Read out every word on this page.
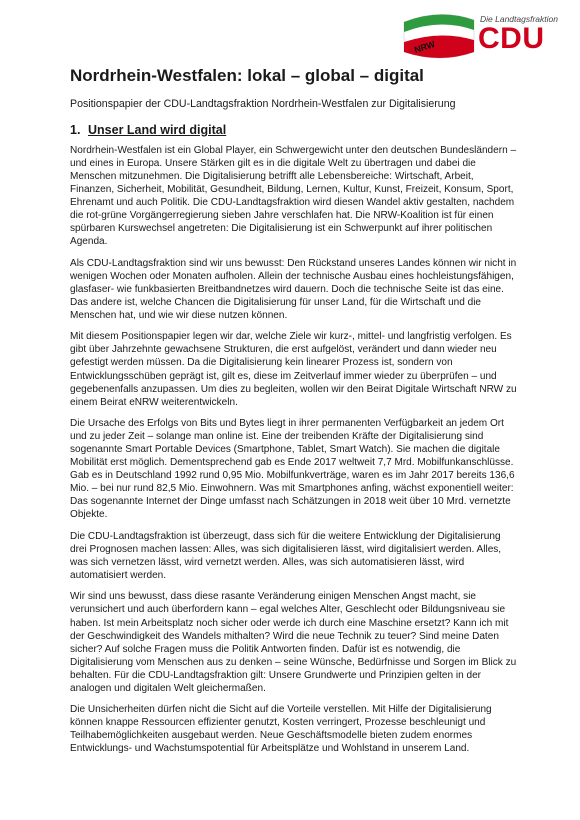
Die Landtagsfraktion
CDU
NRW
Nordrhein-Westfalen: lokal – global – digital
Positionspapier der CDU-Landtagsfraktion Nordrhein-Westfalen zur Digitalisierung
1. Unser Land wird digital

Nordrhein-Westfalen ist ein Global Player, ein Schwergewicht unter den deutschen Bundesländern – und eines in Europa. Unsere Stärken gilt es in die digitale Welt zu übertragen und dabei die Menschen mitzunehmen. Die Digitalisierung betrifft alle Lebensbereiche: Wirtschaft, Arbeit, Finanzen, Sicherheit, Mobilität, Gesundheit, Bildung, Lernen, Kultur, Kunst, Freizeit, Konsum, Sport, Ehrenamt und auch Politik. Die CDU-Landtagsfraktion wird diesen Wandel aktiv gestalten, nachdem die rot-grüne Vorgängerregierung sieben Jahre verschlafen hat. Die NRW-Koalition ist für einen spürbaren Kurswechsel angetreten: Die Digitalisierung ist ein Schwerpunkt auf ihrer politischen Agenda.

Als CDU-Landtagsfraktion sind wir uns bewusst: Den Rückstand unseres Landes können wir nicht in wenigen Wochen oder Monaten aufholen. Allein der technische Ausbau eines hochleistungsfähigen, glasfaser- wie funkbasierten Breitbandnetzes wird dauern. Doch die technische Seite ist das eine. Das andere ist, welche Chancen die Digitalisierung für unser Land, für die Wirtschaft und die Menschen hat, und wie wir diese nutzen können.

Mit diesem Positionspapier legen wir dar, welche Ziele wir kurz-, mittel- und langfristig verfolgen. Es gibt über Jahrzehnte gewachsene Strukturen, die erst aufgelöst, verändert und dann wieder neu gefestigt werden müssen. Da die Digitalisierung kein linearer Prozess ist, sondern von Entwicklungsschüben geprägt ist, gilt es, diese im Zeitverlauf immer wieder zu überprüfen – und gegebenenfalls anzupassen. Um dies zu begleiten, wollen wir den Beirat Digitale Wirtschaft NRW zu einem Beirat eNRW weiterentwickeln.

Die Ursache des Erfolgs von Bits und Bytes liegt in ihrer permanenten Verfügbarkeit an jedem Ort und zu jeder Zeit – solange man online ist. Eine der treibenden Kräfte der Digitalisierung sind sogenannte Smart Portable Devices (Smartphone, Tablet, Smart Watch). Sie machen die digitale Mobilität erst möglich. Dementsprechend gab es Ende 2017 weltweit 7,7 Mrd. Mobilfunkanschlüsse. Gab es in Deutschland 1992 rund 0,95 Mio. Mobilfunkverträge, waren es im Jahr 2017 bereits 136,6 Mio. – bei nur rund 82,5 Mio. Einwohnern. Was mit Smartphones anfing, wächst exponentiell weiter: Das sogenannte Internet der Dinge umfasst nach Schätzungen in 2018 weit über 10 Mrd. vernetzte Objekte.

Die CDU-Landtagsfraktion ist überzeugt, dass sich für die weitere Entwicklung der Digitalisierung drei Prognosen machen lassen: Alles, was sich digitalisieren lässt, wird digitalisiert werden. Alles, was sich vernetzen lässt, wird vernetzt werden. Alles, was sich automatisieren lässt, wird automatisiert werden.

Wir sind uns bewusst, dass diese rasante Veränderung einigen Menschen Angst macht, sie verunsichert und auch überfordern kann – egal welches Alter, Geschlecht oder Bildungsniveau sie haben. Ist mein Arbeitsplatz noch sicher oder werde ich durch eine Maschine ersetzt? Kann ich mit der Geschwindigkeit des Wandels mithalten? Wird die neue Technik zu teuer? Sind meine Daten sicher? Auf solche Fragen muss die Politik Antworten finden. Dafür ist es notwendig, die Digitalisierung vom Menschen aus zu denken – seine Wünsche, Bedürfnisse und Sorgen im Blick zu behalten. Für die CDU-Landtagsfraktion gilt: Unsere Grundwerte und Prinzipien gelten in der analogen und digitalen Welt gleichermaßen.

Die Unsicherheiten dürfen nicht die Sicht auf die Vorteile verstellen. Mit Hilfe der Digitalisierung können knappe Ressourcen effizienter genutzt, Kosten verringert, Prozesse beschleunigt und Teilhabemöglichkeiten ausgebaut werden. Neue Geschäftsmodelle bieten zudem enormes Entwicklungs- und Wachstumspotential für Arbeitsplätze und Wohlstand in unserem Land.
